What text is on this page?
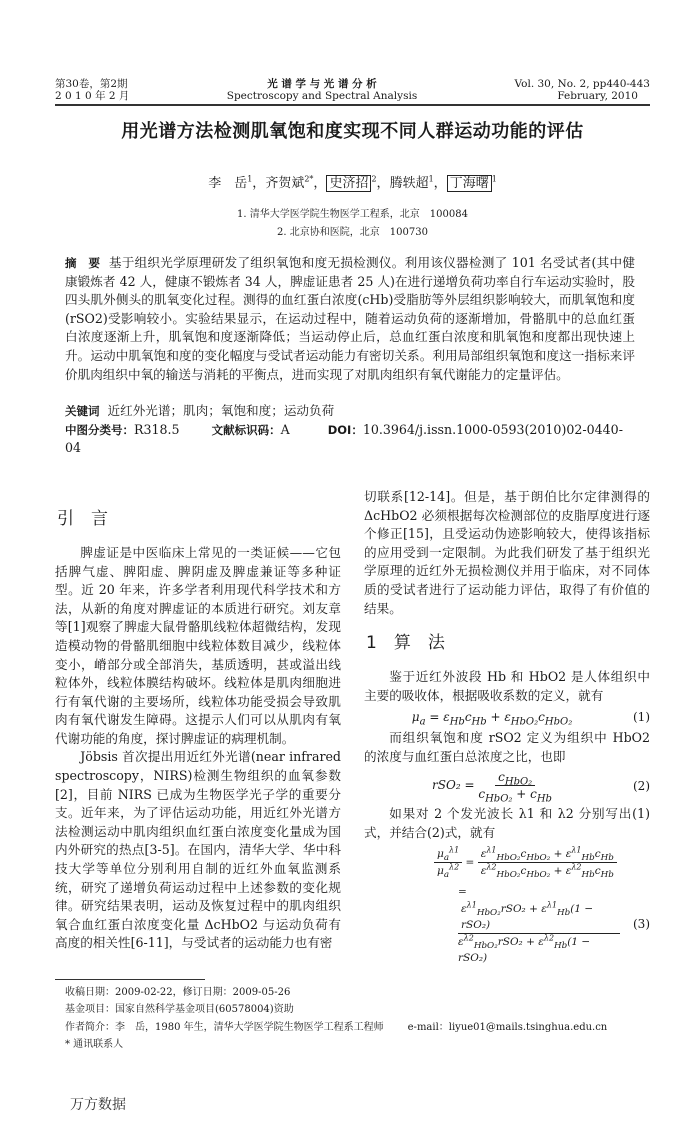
第30卷，第2期
2 0 1 0 年 2 月
光 谱 学 与 光 谱 分 析
Spectroscopy and Spectral Analysis
Vol. 30, No. 2, pp440-443
February, 2010
用光谱方法检测肌氧饱和度实现不同人群运动功能的评估
李　岳$^1$，齐贺斌$^{2*}$， 史济招 $^2$，腾轶超$^1$， 丁海曙 $^1$
1. 清华大学医学院生物医学工程系，北京　100084
2. 北京协和医院，北京　100730
摘　要 基于组织光学原理研发了组织氧饱和度无损检测仪。利用该仪器检测了 101 名受试者(其中健康锻炼者 42 人，健康不锻炼者 34 人，脾虚证患者 25 人)在进行递增负荷功率自行车运动实验时，股四头肌外侧头的肌氧变化过程。测得的血红蛋白浓度(cHb)受脂肪等外层组织影响较大，而肌氧饱和度(rSO2)受影响较小。实验结果显示，在运动过程中，随着运动负荷的逐渐增加，骨骼肌中的总血红蛋白浓度逐渐上升，肌氧饱和度逐渐降低；当运动停止后，总血红蛋白浓度和肌氧饱和度都出现快速上升。运动中肌氧饱和度的变化幅度与受试者运动能力有密切关系。利用局部组织氧饱和度这一指标来评价肌肉组织中氧的输送与消耗的平衡点，进而实现了对肌肉组织有氧代谢能力的定量评估。
关键词 近红外光谱；肌肉；氧饱和度；运动负荷
中图分类号：R318.5	文献标识码：A	DOI：10.3964/j.issn.1000-0593(2010)02-0440-04
引　言

脾虚证是中医临床上常见的一类证候——它包括脾气虚、脾阳虚、脾阴虚及脾虚兼证等多种证型。近 20 年来，许多学者利用现代科学技术和方法，从新的角度对脾虚证的本质进行研究。刘友章等[1]观察了脾虚大鼠骨骼肌线粒体超微结构，发现造模动物的骨骼肌细胞中线粒体数目减少，线粒体变小，嵴部分或全部消失，基质透明，甚或溢出线粒体外，线粒体膜结构破坏。线粒体是肌肉细胞进行有氧代谢的主要场所，线粒体功能受损会导致肌肉有氧代谢发生障碍。这提示人们可以从肌肉有氧代谢功能的角度，探讨脾虚证的病理机制。

Jöbsis 首次提出用近红外光谱(near infrared spectroscopy，NIRS)检测生物组织的血氧参数[2]，目前 NIRS 已成为生物医学光子学的重要分支。近年来，为了评估运动功能，用近红外光谱方法检测运动中肌肉组织血红蛋白浓度变化量成为国内外研究的热点[3-5]。在国内，清华大学、华中科技大学等单位分别利用自制的近红外血氧监测系统，研究了递增负荷运动过程中上述参数的变化规律。研究结果表明，运动及恢复过程中的肌肉组织氧合血红蛋白浓度变化量 ΔcHbO2 与运动负荷有高度的相关性[6-11]，与受试者的运动能力也有密

切联系[12-14]。但是，基于朗伯比尔定律测得的 ΔcHbO2 必须根据每次检测部位的皮脂厚度进行逐个修正[15]，且受运动伪迹影响较大，使得该指标的应用受到一定限制。为此我们研发了基于组织光学原理的近红外无损检测仪并用于临床，对不同体质的受试者进行了运动能力评估，取得了有价值的结果。

1　算　法

鉴于近红外波段 Hb 和 HbO2 是人体组织中主要的吸收体，根据吸收系数的定义，就有

$\mu_a = \varepsilon_{Hb}c_{Hb} + \varepsilon_{HbO_2}c_{HbO_2}$	(1)

而组织氧饱和度 rSO2 定义为组织中 HbO2 的浓度与血红蛋白总浓度之比，也即

$rSO_2 = \frac{c_{HbO_2}}{c_{HbO_2} + c_{Hb}}$	(2)

如果对 2 个发光波长 λ1 和 λ2 分别写出(1)式，并结合(2)式，就有

$\frac{\mu_a^{\lambda 1}}{\mu_a^{\lambda 2}} = \frac{\varepsilon^{\lambda 1}_{HbO_2}c_{HbO_2} + \varepsilon^{\lambda 1}_{Hb}c_{Hb}}{\varepsilon^{\lambda 2}_{HbO_2}c_{HbO_2} + \varepsilon^{\lambda 2}_{Hb}c_{Hb}}$
=
$\frac{\varepsilon^{\lambda 1}_{HbO_2}rSO_2 + \varepsilon^{\lambda 1}_{Hb}(1 - rSO_2)}{\varepsilon^{\lambda 2}_{HbO_2}rSO_2 + \varepsilon^{\lambda 2}_{Hb}(1 - rSO_2)} (3)$
收稿日期：2009-02-22，修订日期：2009-05-26
基金项目：国家自然科学基金项目(60578004)资助
作者简介：李　岳，1980 年生，清华大学医学院生物医学工程系工程师 e-mail：liyue01@mails.tsinghua.edu.cn
* 通讯联系人
万方数据
